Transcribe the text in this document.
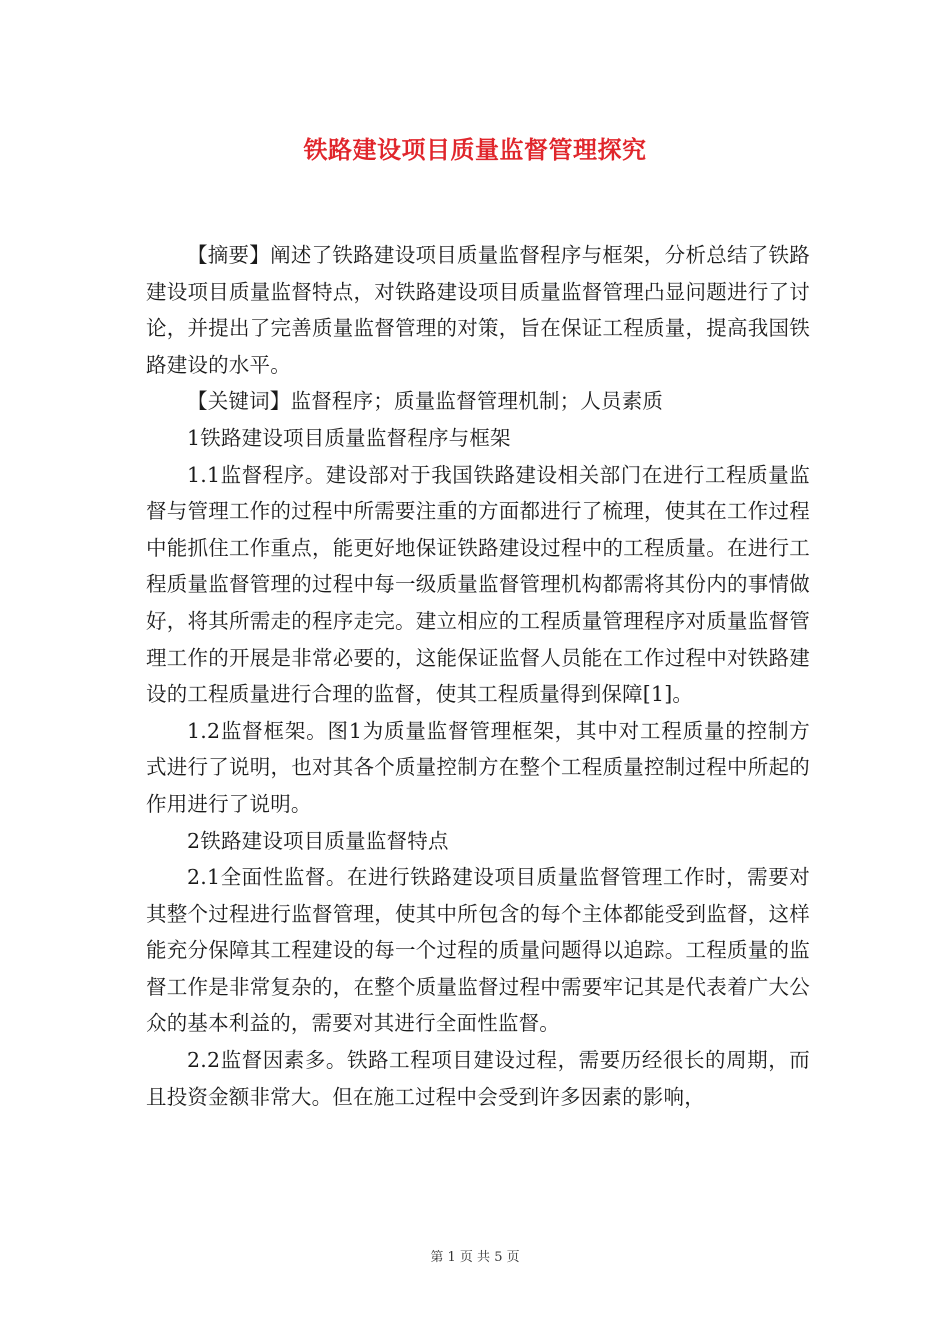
铁路建设项目质量监督管理探究

【摘要】阐述了铁路建设项目质量监督程序与框架，分析总结了铁路建设项目质量监督特点，对铁路建设项目质量监督管理凸显问题进行了讨论，并提出了完善质量监督管理的对策，旨在保证工程质量，提高我国铁路建设的水平。

【关键词】监督程序；质量监督管理机制；人员素质

1铁路建设项目质量监督程序与框架

1.1监督程序。建设部对于我国铁路建设相关部门在进行工程质量监督与管理工作的过程中所需要注重的方面都进行了梳理，使其在工作过程中能抓住工作重点，能更好地保证铁路建设过程中的工程质量。在进行工程质量监督管理的过程中每一级质量监督管理机构都需将其份内的事情做好，将其所需走的程序走完。建立相应的工程质量管理程序对质量监督管理工作的开展是非常必要的，这能保证监督人员能在工作过程中对铁路建设的工程质量进行合理的监督，使其工程质量得到保障[1]。

1.2监督框架。图1为质量监督管理框架，其中对工程质量的控制方式进行了说明，也对其各个质量控制方在整个工程质量控制过程中所起的作用进行了说明。

2铁路建设项目质量监督特点

2.1全面性监督。在进行铁路建设项目质量监督管理工作时，需要对其整个过程进行监督管理，使其中所包含的每个主体都能受到监督，这样能充分保障其工程建设的每一个过程的质量问题得以追踪。工程质量的监督工作是非常复杂的，在整个质量监督过程中需要牢记其是代表着广大公众的基本利益的，需要对其进行全面性监督。

2.2监督因素多。铁路工程项目建设过程，需要历经很长的周期，而且投资金额非常大。但在施工过程中会受到许多因素的影响，

第 1 页 共 5 页
